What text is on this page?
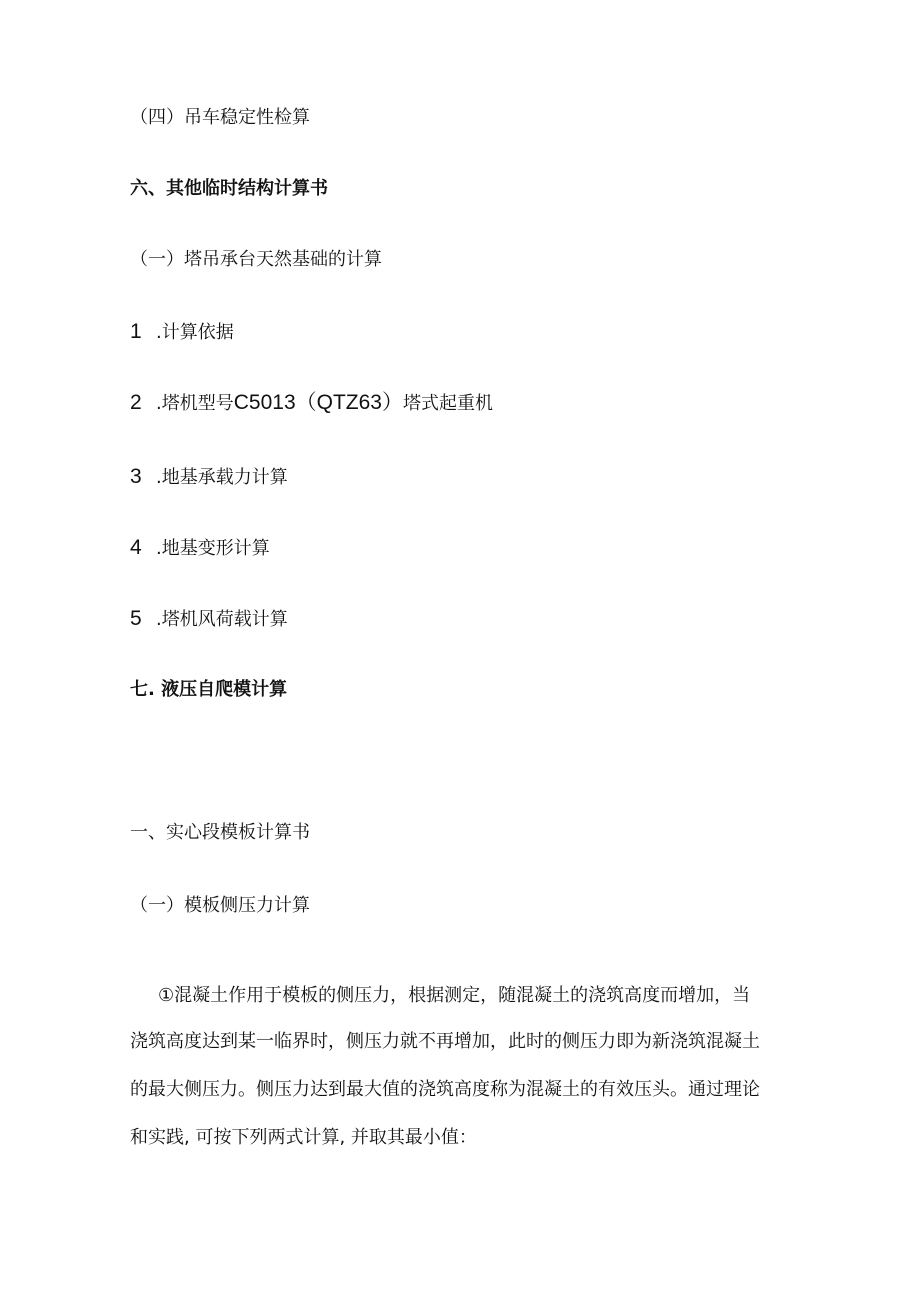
（四）吊车稳定性检算
六、其他临时结构计算书
（一）塔吊承台天然基础的计算
1 .计算依据
2 .塔机型号C5013（QTZ63）塔式起重机
3 .地基承载力计算
4 .地基变形计算
5 .塔机风荷载计算
七. 液压自爬模计算
一、实心段模板计算书
（一）模板侧压力计算
①混凝土作用于模板的侧压力，根据测定，随混凝土的浇筑高度而增加，当
浇筑高度达到某一临界时，侧压力就不再增加，此时的侧压力即为新浇筑混凝土
的最大侧压力。侧压力达到最大值的浇筑高度称为混凝土的有效压头。通过理论
和实践, 可按下列两式计算, 并取其最小值：
